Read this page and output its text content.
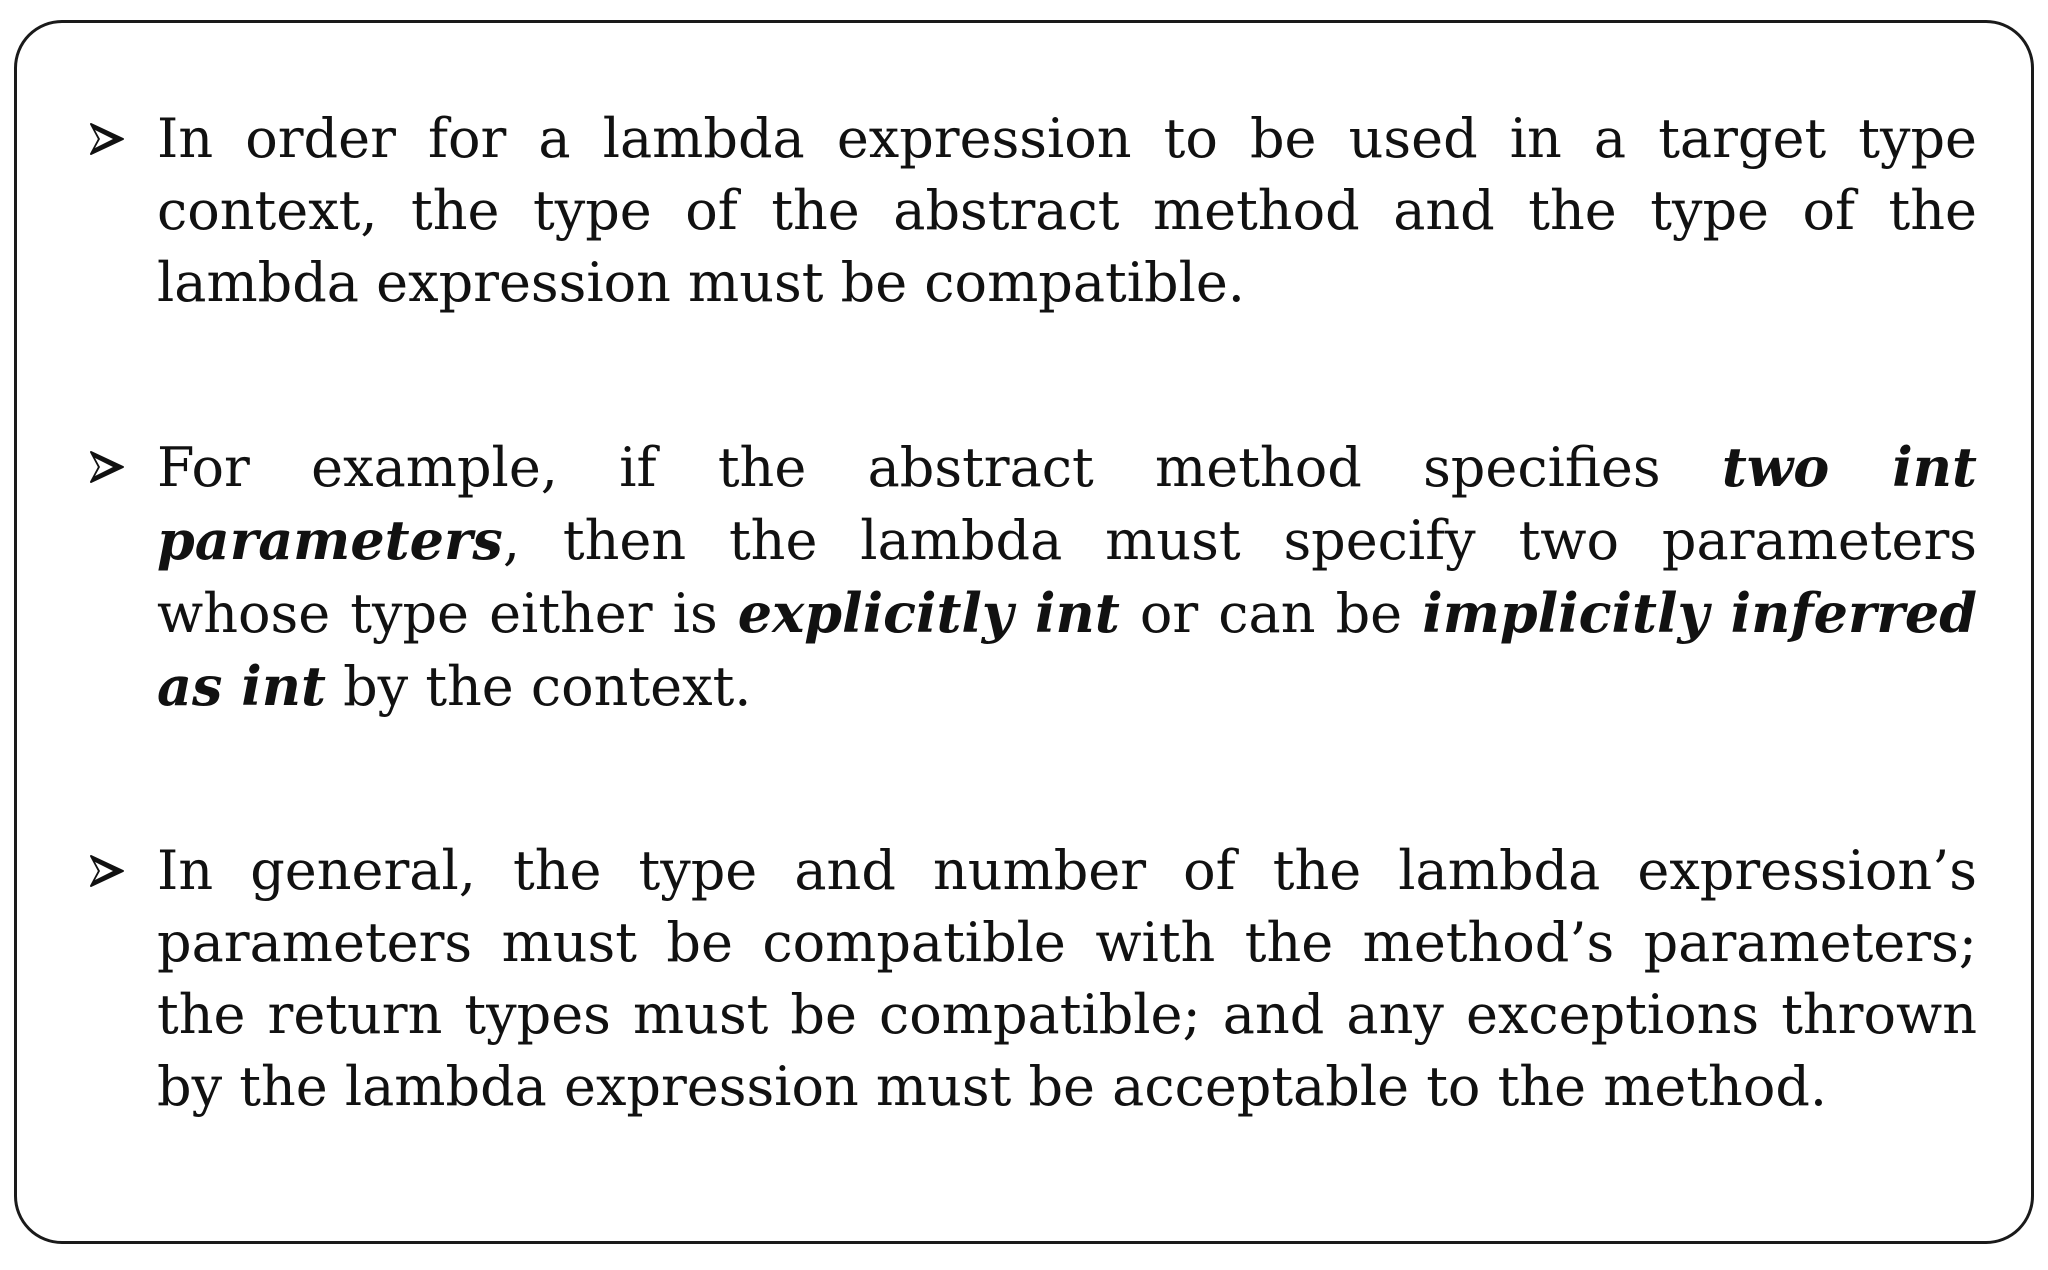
In order for a lambda expression to be used in a target type context, the type of the abstract method and the type of the lambda expression must be compatible.
For example, if the abstract method specifies two int parameters, then the lambda must specify two parameters whose type either is explicitly int or can be implicitly inferred as int by the context.
In general, the type and number of the lambda expression’s parameters must be compatible with the method’s parameters; the return types must be compatible; and any exceptions thrown by the lambda expression must be acceptable to the method.
